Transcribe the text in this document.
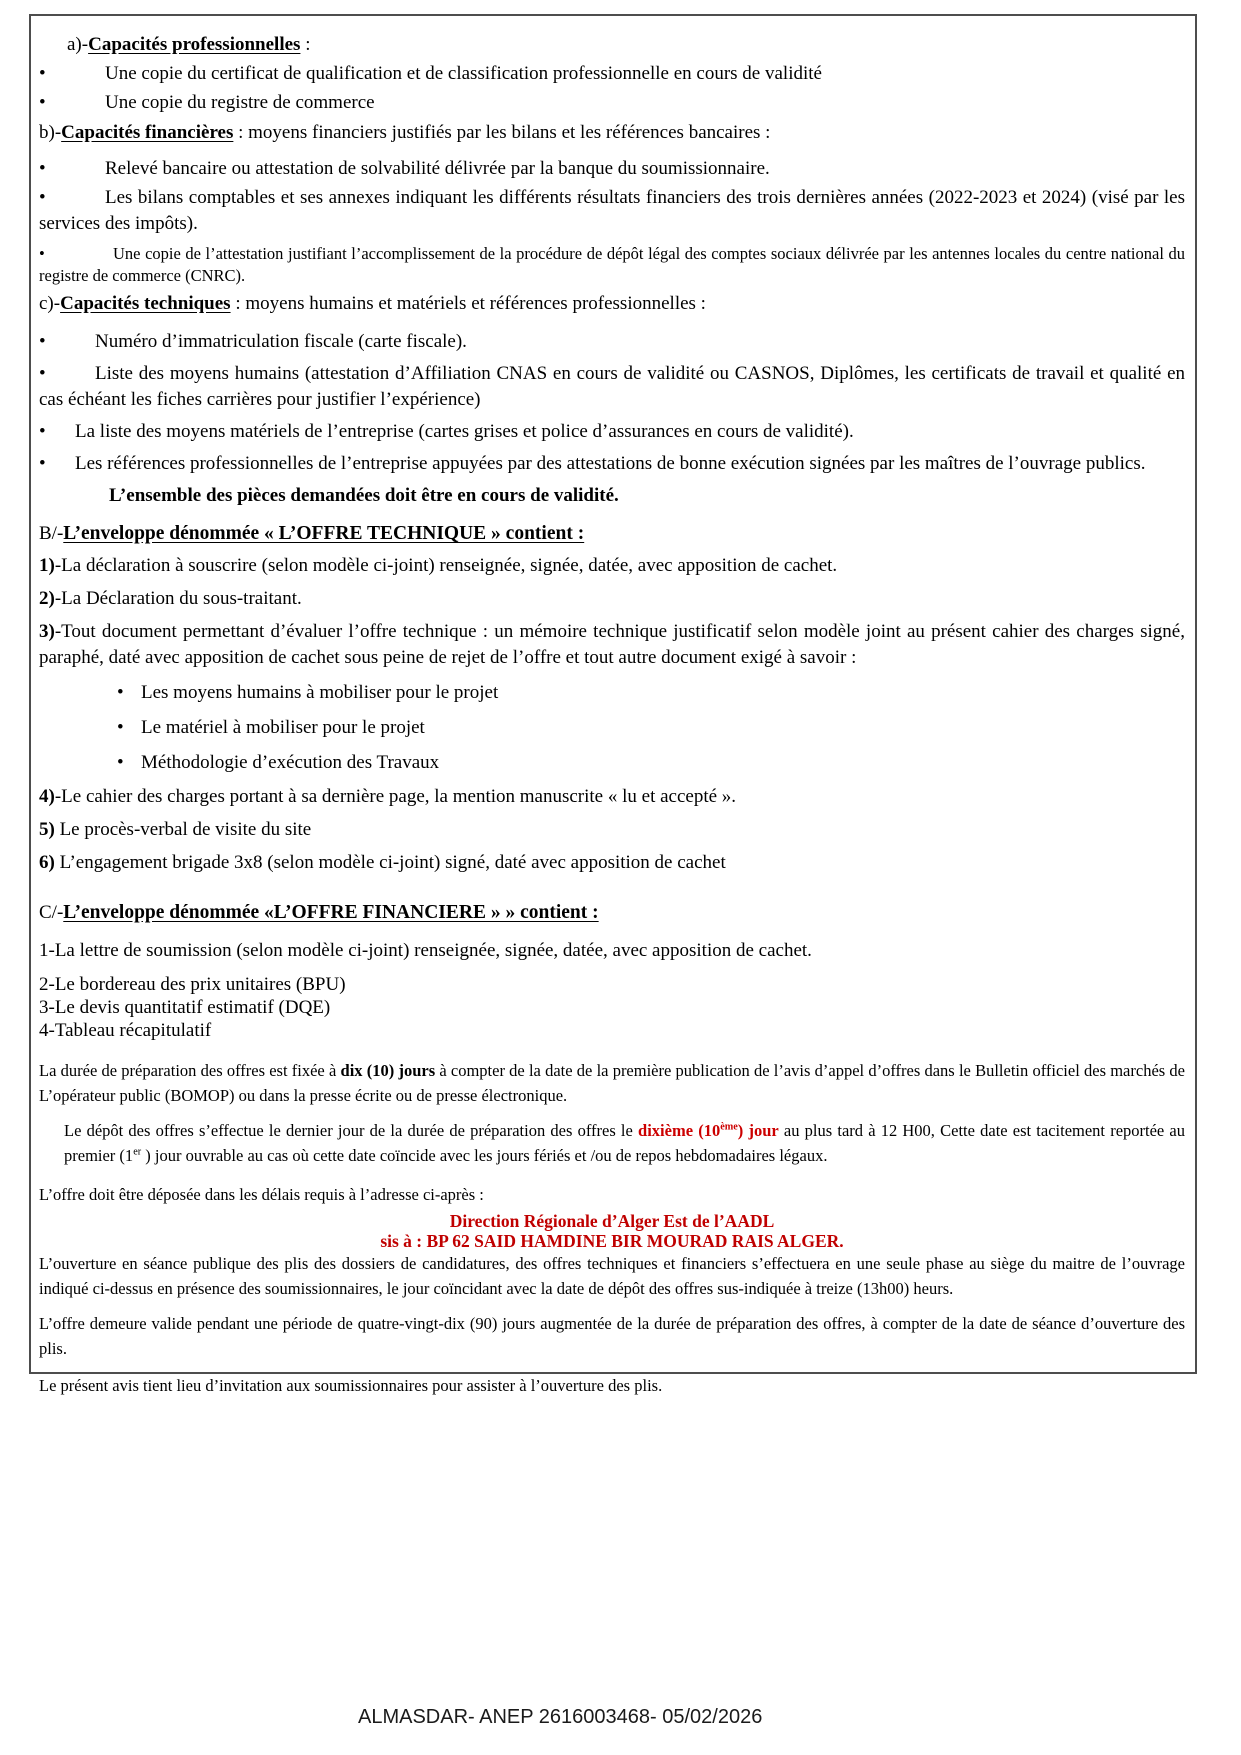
a)-Capacités professionnelles :

•	Une copie du certificat de qualification et de classification professionnelle en cours de validité

•	Une copie du registre de commerce

b)-Capacités financières : moyens financiers justifiés par les bilans et les références bancaires :

•	Relevé bancaire ou attestation de solvabilité délivrée par la banque du soumissionnaire.

•	Les bilans comptables et ses annexes indiquant les différents résultats financiers des trois dernières années (2022-2023 et 2024) (visé par les services des impôts).

•	Une copie de l’attestation justifiant l’accomplissement de la procédure de dépôt légal des comptes sociaux délivrée par les antennes locales du centre national du registre de commerce (CNRC).

c)-Capacités techniques : moyens humains et matériels et références professionnelles :

•	Numéro d’immatriculation fiscale (carte fiscale).

•	Liste des moyens humains (attestation d’Affiliation CNAS en cours de validité ou CASNOS, Diplômes, les certificats de travail et qualité en cas échéant les fiches carrières pour justifier l’expérience)

• La liste des moyens matériels de l’entreprise (cartes grises et police d’assurances en cours de validité).

• Les références professionnelles de l’entreprise appuyées par des attestations de bonne exécution signées par les maîtres de l’ouvrage publics.

L’ensemble des pièces demandées doit être en cours de validité.

B/-L’enveloppe dénommée « L’OFFRE TECHNIQUE » contient :

1)-La déclaration à souscrire (selon modèle ci-joint) renseignée, signée, datée, avec apposition de cachet.

2)-La Déclaration du sous-traitant.

3)-Tout document permettant d’évaluer l’offre technique : un mémoire technique justificatif selon modèle joint au présent cahier des charges signé, paraphé, daté avec apposition de cachet sous peine de rejet de l’offre et tout autre document exigé à savoir :

• Les moyens humains à mobiliser pour le projet

• Le matériel à mobiliser pour le projet

• Méthodologie d’exécution des Travaux

4)-Le cahier des charges portant à sa dernière page, la mention manuscrite « lu et accepté ».

5) Le procès-verbal de visite du site

6) L’engagement brigade 3x8 (selon modèle ci-joint) signé, daté avec apposition de cachet

C/-L’enveloppe dénommée «L’OFFRE FINANCIERE » » contient :

1-La lettre de soumission (selon modèle ci-joint) renseignée, signée, datée, avec apposition de cachet.

2-Le bordereau des prix unitaires (BPU)

3-Le devis quantitatif estimatif (DQE)

4-Tableau récapitulatif

La durée de préparation des offres est fixée à dix (10) jours à compter de la date de la première publication de l’avis d’appel d’offres dans le Bulletin officiel des marchés de L’opérateur public (BOMOP) ou dans la presse écrite ou de presse électronique.

Le dépôt des offres s’effectue le dernier jour de la durée de préparation des offres le dixième (10ème) jour au plus tard à 12 H00, Cette date est tacitement reportée au premier (1er ) jour ouvrable au cas où cette date coïncide avec les jours fériés et /ou de repos hebdomadaires légaux.

L’offre doit être déposée dans les délais requis à l’adresse ci-après :

Direction Régionale d’Alger Est de l’AADL

sis à : BP 62 SAID HAMDINE BIR MOURAD RAIS ALGER.

L’ouverture en séance publique des plis des dossiers de candidatures, des offres techniques et financiers s’effectuera en une seule phase au siège du maitre de l’ouvrage indiqué ci-dessus en présence des soumissionnaires, le jour coïncidant avec la date de dépôt des offres sus-indiquée à treize (13h00) heurs.

L’offre demeure valide pendant une période de quatre-vingt-dix (90) jours augmentée de la durée de préparation des offres, à compter de la date de séance d’ouverture des plis.

Le présent avis tient lieu d’invitation aux soumissionnaires pour assister à l’ouverture des plis.

ALMASDAR- ANEP 2616003468- 05/02/2026
